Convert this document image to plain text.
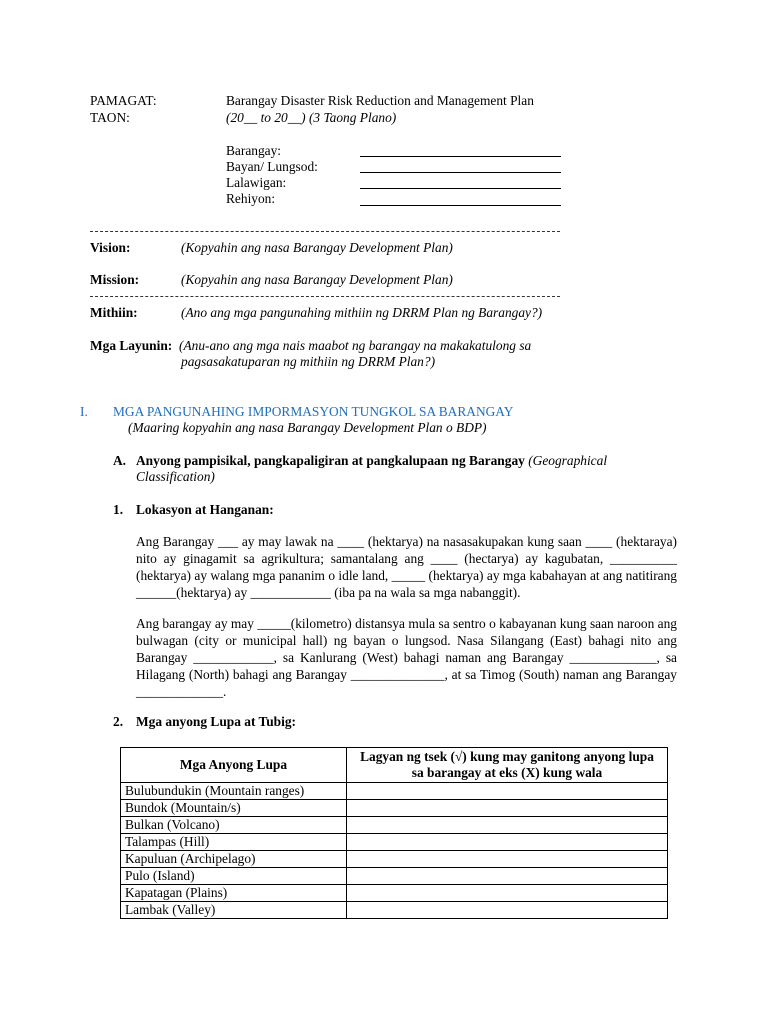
PAMAGAT:	Barangay Disaster Risk Reduction and Management Plan
TAON:	(20__ to 20__) (3 Taong Plano)
Barangay:
Bayan/ Lungsod:
Lalawigan:
Rehiyon:
Vision:	(Kopyahin ang nasa Barangay Development Plan)
Mission:	(Kopyahin ang nasa Barangay Development Plan)
Mithiin:	(Ano ang mga pangunahing mithiin ng DRRM Plan ng Barangay?)
Mga Layunin: (Anu-ano ang mga nais maabot ng barangay na makakatulong sa
pagsasakatuparan ng mithiin ng DRRM Plan?)
I. MGA PANGUNAHING IMPORMASYON TUNGKOL SA BARANGAY
(Maaring kopyahin ang nasa Barangay Development Plan o BDP)
A. Anyong pampisikal, pangkapaligiran at pangkalupaan ng Barangay (Geographical
Classification)
1. Lokasyon at Hanganan:
Ang Barangay ___ ay may lawak na ____ (hektarya) na nasasakupakan kung saan ____ (hektaraya) nito ay ginagamit sa agrikultura; samantalang ang ____ (hectarya) ay kagubatan, __________ (hektarya) ay walang mga pananim o idle land, _____ (hektarya) ay mga kabahayan at ang natitirang ______(hektarya) ay ____________ (iba pa na wala sa mga nabanggit).
Ang barangay ay may _____(kilometro) distansya mula sa sentro o kabayanan kung saan naroon ang bulwagan (city or municipal hall) ng bayan o lungsod. Nasa Silangang (East) bahagi nito ang Barangay ____________, sa Kanlurang (West) bahagi naman ang Barangay _____________, sa Hilagang (North) bahagi ang Barangay ______________, at sa Timog (South) naman ang Barangay _____________.
2. Mga anyong Lupa at Tubig:
Mga Anyong Lupa	Lagyan ng tsek (√) kung may ganitong anyong lupa
sa barangay at eks (X) kung wala
Bulubundukin (Mountain ranges)	
Bundok (Mountain/s)	
Bulkan (Volcano)	
Talampas (Hill)	
Kapuluan (Archipelago)	
Pulo (Island)	
Kapatagan (Plains)	
Lambak (Valley)	
